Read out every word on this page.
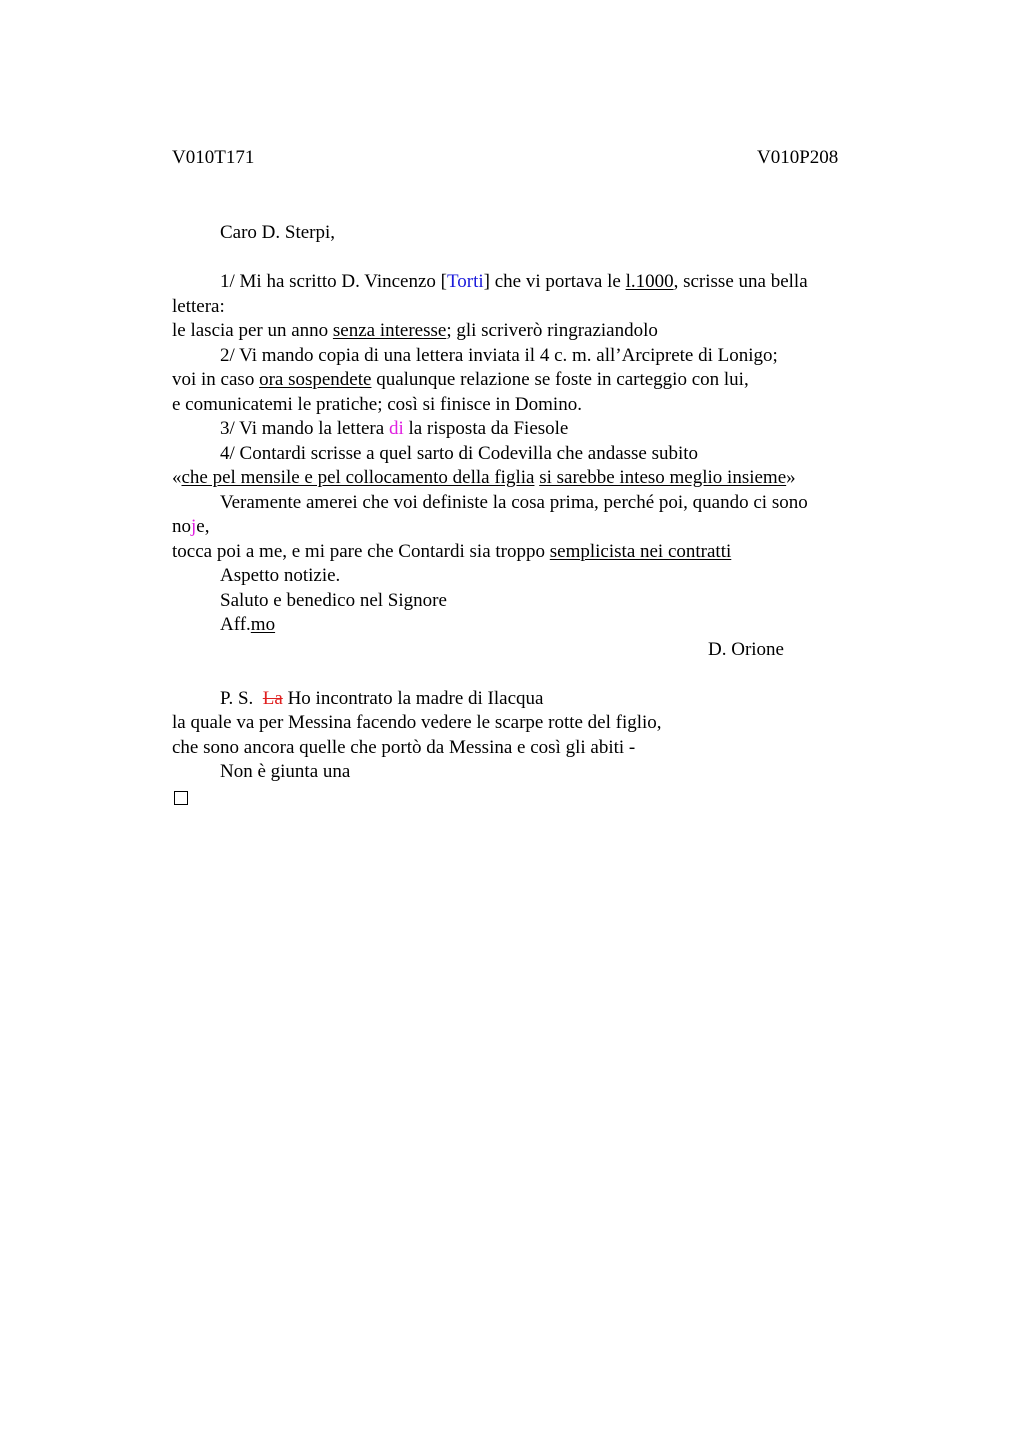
V010T171	V010P208
Caro D. Sterpi,
1/ Mi ha scritto D. Vincenzo [Torti] che vi portava le l.1000, scrisse una bella
lettera:
le lascia per un anno senza interesse; gli scriverò ringraziandolo
2/ Vi mando copia di una lettera inviata il 4 c. m. all’Arciprete di Lonigo;
voi in caso ora sospendete qualunque relazione se foste in carteggio con lui,
e comunicatemi le pratiche; così si finisce in Domino.
3/ Vi mando la lettera di la risposta da Fiesole
4/ Contardi scrisse a quel sarto di Codevilla che andasse subito
«che pel mensile e pel collocamento della figlia si sarebbe inteso meglio insieme»
Veramente amerei che voi definiste la cosa prima, perché poi, quando ci sono
noje,
tocca poi a me, e mi pare che Contardi sia troppo semplicista nei contratti
Aspetto notizie.
Saluto e benedico nel Signore
Aff.mo
D. Orione
P. S.  La Ho incontrato la madre di Ilacqua
la quale va per Messina facendo vedere le scarpe rotte del figlio,
che sono ancora quelle che portò da Messina e così gli abiti -
Non è giunta una
